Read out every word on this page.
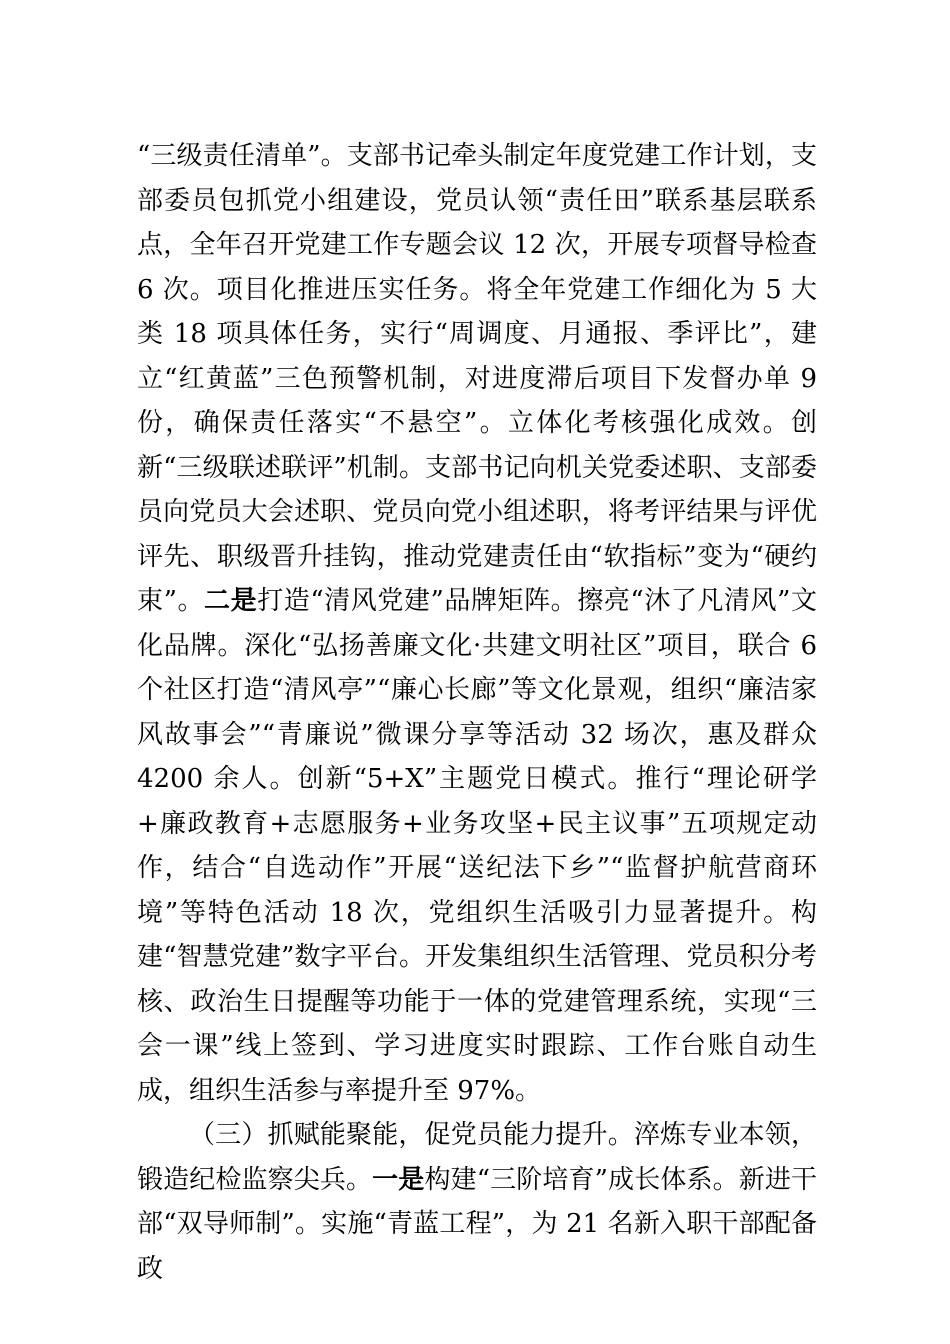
“三级责任清单”。支部书记牵头制定年度党建工作计划，支部委员包抓党小组建设，党员认领“责任田”联系基层联系点，全年召开党建工作专题会议 12 次，开展专项督导检查 6 次。项目化推进压实任务。将全年党建工作细化为 5 大类 18 项具体任务，实行“周调度、月通报、季评比”，建立“红黄蓝”三色预警机制，对进度滞后项目下发督办单 9 份，确保责任落实“不悬空”。立体化考核强化成效。创新“三级联述联评”机制。支部书记向机关党委述职、支部委员向党员大会述职、党员向党小组述职，将考评结果与评优评先、职级晋升挂钩，推动党建责任由“软指标”变为“硬约束”。二是打造“清风党建”品牌矩阵。擦亮“沐了凡清风”文化品牌。深化“弘扬善廉文化·共建文明社区”项目，联合 6 个社区打造“清风亭”“廉心长廊”等文化景观，组织“廉洁家风故事会”“青廉说”微课分享等活动 32 场次，惠及群众 4200 余人。创新“5+X”主题党日模式。推行“理论研学+廉政教育+志愿服务+业务攻坚+民主议事”五项规定动作，结合“自选动作”开展“送纪法下乡”“监督护航营商环境”等特色活动 18 次，党组织生活吸引力显著提升。构建“智慧党建”数字平台。开发集组织生活管理、党员积分考核、政治生日提醒等功能于一体的党建管理系统，实现“三会一课”线上签到、学习进度实时跟踪、工作台账自动生成，组织生活参与率提升至 97%。

（三）抓赋能聚能，促党员能力提升。淬炼专业本领，锻造纪检监察尖兵。一是构建“三阶培育”成长体系。新进干部“双导师制”。实施“青蓝工程”，为 21 名新入职干部配备政
